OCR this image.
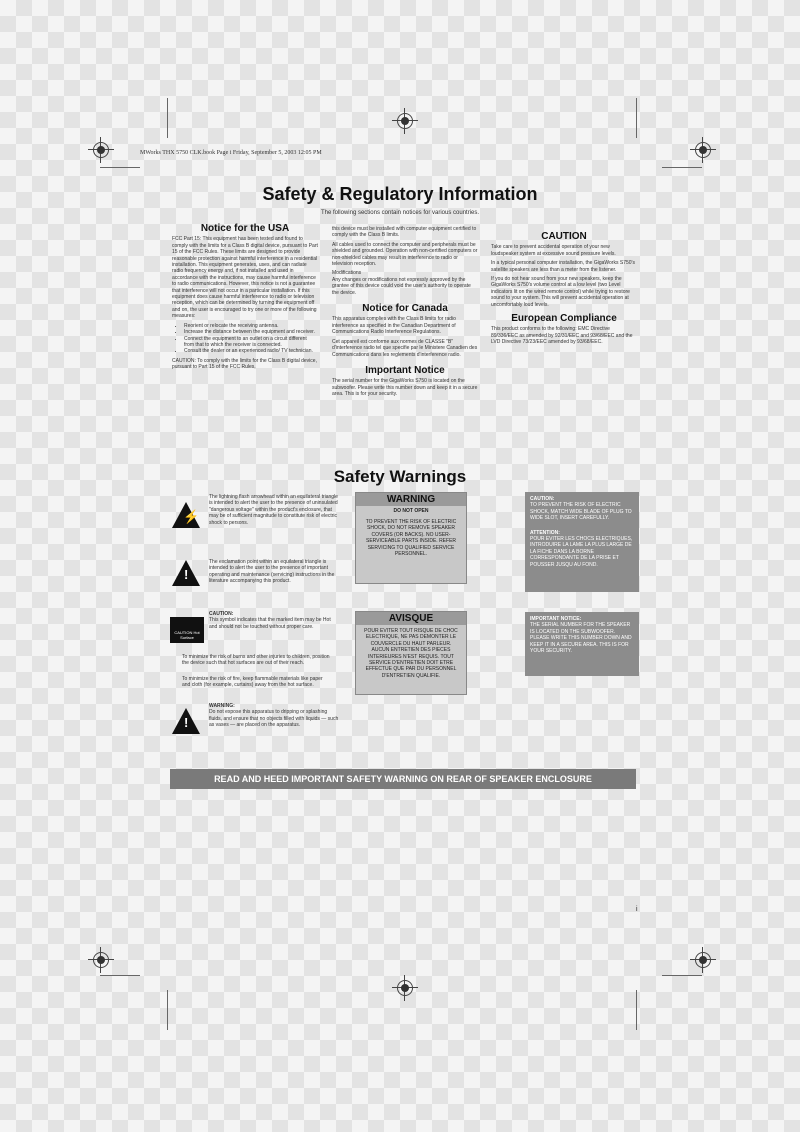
MWorks THX 5750 CLK.book Page i Friday, September 5, 2003 12:05 PM
Safety & Regulatory Information
The following sections contain notices for various countries.
Notice for the USA

FCC Part 15: This equipment has been tested and found to comply with the limits for a Class B digital device, pursuant to Part 15 of the FCC Rules. These limits are designed to provide reasonable protection against harmful interference in a residential installation. This equipment generates, uses, and can radiate radio frequency energy and, if not installed and used in accordance with the instructions, may cause harmful interference to radio communications. However, this notice is not a guarantee that interference will not occur in a particular installation. If this equipment does cause harmful interference to radio or television reception, which can be determined by turning the equipment off and on, the user is encouraged to try one or more of the following measures:

• Reorient or relocate the receiving antenna.
• Increase the distance between the equipment and receiver.
• Connect the equipment to an outlet on a circuit different from that to which the receiver is connected.
• Consult the dealer or an experienced radio/ TV technician.

CAUTION: To comply with the limits for the Class B digital device, pursuant to Part 15 of the FCC Rules,

this device must be installed with computer equipment certified to comply with the Class B limits.

All cables used to connect the computer and peripherals must be shielded and grounded. Operation with non-certified computers or non-shielded cables may result in interference to radio or television reception.

Modifications

Any changes or modifications not expressly approved by the grantee of this device could void the user's authority to operate the device.

Notice for Canada

This apparatus complies with the Class B limits for radio interference as specified in the Canadian Department of Communications Radio Interference Regulations.

Cet appareil est conforme aux normes de CLASSE "B" d'interference radio tel que specifie par le Ministere Canadien des Communications dans les reglements d'interference radio.

Important Notice

The serial number for the GigaWorks S750 is located on the subwoofer. Please write this number down and keep it in a secure area. This is for your security.

CAUTION

Take care to prevent accidental operation of your new loudspeaker system at excessive sound pressure levels.

In a typical personal computer installation, the GigaWorks S750's satellite speakers are less than a meter from the listener.

If you do not hear sound from your new speakers, keep the GigaWorks S750's volume control at a low level (two Level indicators lit on the wired remote control) while trying to restore sound to your system. This will prevent accidental operation at uncomfortably loud levels.

European Compliance

This product conforms to the following: EMC Directive 89/336/EEC as amended by 92/31/EEC and 93/68/EEC and the LVD Directive 73/23/EEC amended by 93/68/EEC.

Safety Warnings
⚡
The lightning flash arrowhead within an equilateral triangle is intended to alert the user to the presence of uninsulated "dangerous voltage" within the product's enclosure, that may be of sufficient magnitude to constitute risk of electric shock to persons.
!
The exclamation point within an equilateral triangle is intended to alert the user to the presence of important operating and maintenance (servicing) instructions in the literature accompanying this product.
CAUTION Hot Surface
CAUTION:
This symbol indicates that the marked item may be Hot and should not be touched without proper care.
To minimize the risk of burns and other injuries to children, position the device such that hot surfaces are out of their reach.
To minimize the risk of fire, keep flammable materials like paper and cloth (for example, curtains) away from the hot surface.
!
WARNING:
Do not expose this apparatus to dripping or splashing fluids, and ensure that no objects filled with liquids — such as vases — are placed on the apparatus.
WARNING
DO NOT OPEN
TO PREVENT THE RISK OF ELECTRIC SHOCK, DO NOT REMOVE SPEAKER COVERS (OR BACKS). NO USER-SERVICEABLE PARTS INSIDE. REFER SERVICING TO QUALIFIED SERVICE PERSONNEL.
AVISQUE
POUR EVITER TOUT RISQUE DE CHOC ELECTRIQUE, NE PAS DEMONTER LE COUVERCLE DU HAUT PARLEUR. AUCUN ENTRETIEN DES PIECES INTERIEURES N'EST REQUIS. TOUT SERVICE D'ENTRETIEN DOIT ETRE EFFECTUE QUE PAR DU PERSONNEL D'ENTRETIEN QUALIFIE.
CAUTION:
TO PREVENT THE RISK OF ELECTRIC SHOCK, MATCH WIDE BLADE OF PLUG TO WIDE SLOT, INSERT CAREFULLY.
ATTENTION:
POUR EVITER LES CHOCS ELECTRIQUES, INTRODUIRE LA LAME LA PLUS LARGE DE LA FICHE DANS LA BORNE CORRESPONDANTE DE LA PRISE ET POUSSER JUSQU AU FOND.
IMPORTANT NOTICE:
THE SERIAL NUMBER FOR THE SPEAKER IS LOCATED ON THE SUBWOOFER. PLEASE WRITE THIS NUMBER DOWN AND KEEP IT IN A SECURE AREA. THIS IS FOR YOUR SECURITY.
READ AND HEED IMPORTANT SAFETY WARNING ON REAR OF SPEAKER ENCLOSURE
i
